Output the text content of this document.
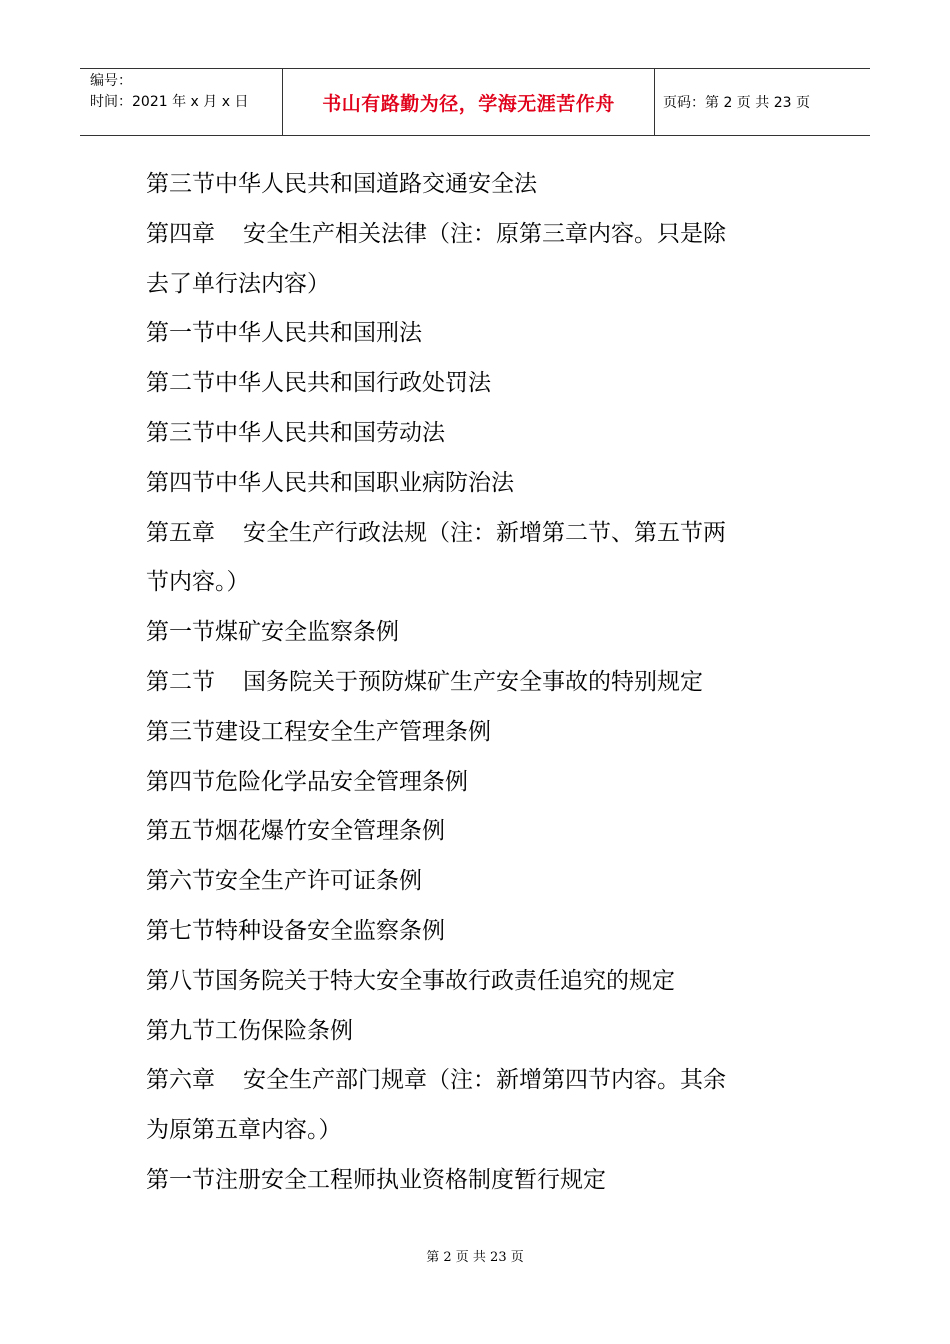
编号：
时间：2021 年 x 月 x 日	书山有路勤为径，学海无涯苦作舟	页码：第 2 页 共 23 页
第三节中华人民共和国道路交通安全法
第四章 安全生产相关法律（注：原第三章内容。只是除
去了单行法内容）
第一节中华人民共和国刑法
第二节中华人民共和国行政处罚法
第三节中华人民共和国劳动法
第四节中华人民共和国职业病防治法
第五章 安全生产行政法规（注：新增第二节、第五节两
节内容。）
第一节煤矿安全监察条例
第二节 国务院关于预防煤矿生产安全事故的特别规定
第三节建设工程安全生产管理条例
第四节危险化学品安全管理条例
第五节烟花爆竹安全管理条例
第六节安全生产许可证条例
第七节特种设备安全监察条例
第八节国务院关于特大安全事故行政责任追究的规定
第九节工伤保险条例
第六章 安全生产部门规章（注：新增第四节内容。其余
为原第五章内容。）
第一节注册安全工程师执业资格制度暂行规定
第 2 页 共 23 页
